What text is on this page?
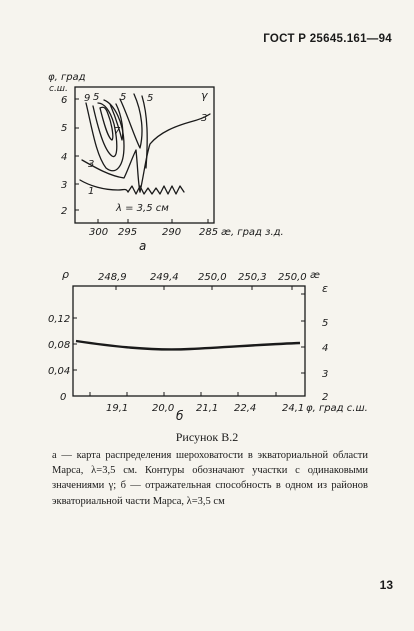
ГОСТ Р 25645.161—94
φ, град
с.ш.
6
5
4
3
2
300 295 290 285 æ, град з.д.
а
9 5 5
7
5
3
1
3
γ
λ = 3,5 см
ρ	248,9 249,4 250,0 250,3 250,0 æ
ε
5
4
3
2
0,12
0,08
0,04
0
19,1 20,0 21,1 22,4	24,1 φ, град с.ш.
б
Рисунок В.2
а — карта распределения шероховатости в экваториальной области Марса, λ=3,5 см. Контуры обозначают участки с одинаковыми значениями γ; б — отражательная способность в одном из районов экваториальной части Марса, λ=3,5 см
13
